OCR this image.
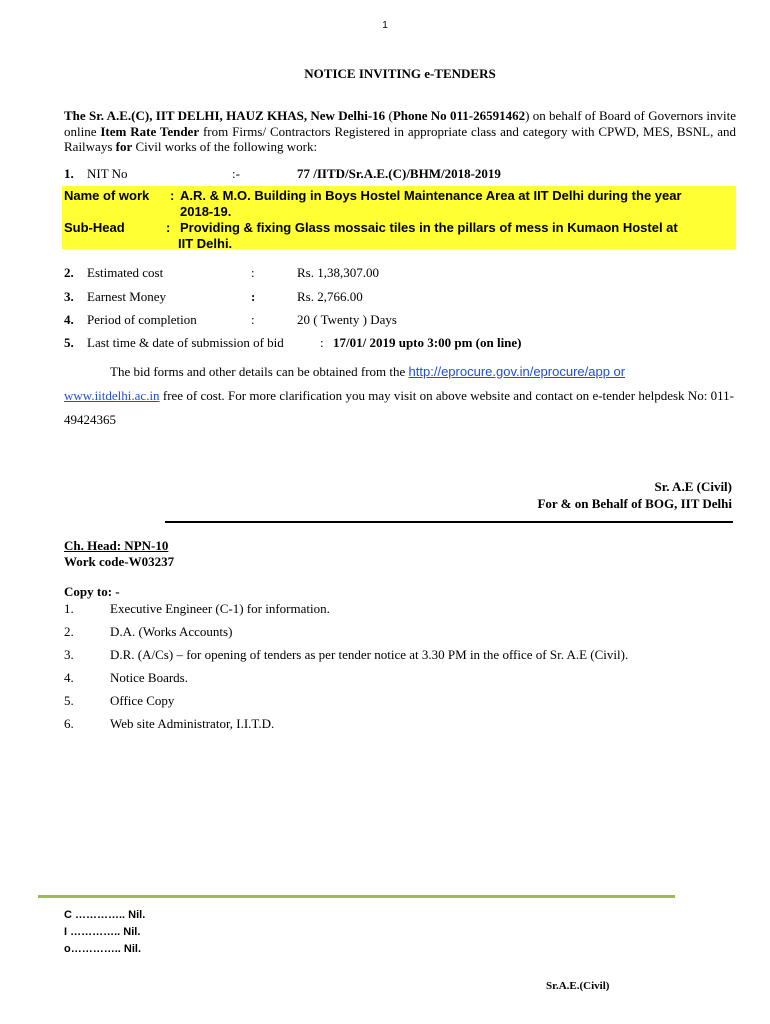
1
NOTICE INVITING e-TENDERS
The Sr. A.E.(C), IIT DELHI, HAUZ KHAS, New Delhi-16 (Phone No 011-26591462) on behalf of Board of Governors invite online Item Rate Tender from Firms/ Contractors Registered in appropriate class and category with CPWD, MES, BSNL, and Railways for Civil works of the following work:
1. NIT No	:-	77 /IITD/Sr.A.E.(C)/BHM/2018-2019
Name of work : A.R. & M.O. Building in Boys Hostel Maintenance Area at IIT Delhi during the year
2018-19.
Sub-Head	: Providing & fixing Glass mossaic tiles in the pillars of mess in Kumaon Hostel at
IIT Delhi.
2. Estimated cost	:	Rs. 1,38,307.00
3. Earnest Money	:	Rs. 2,766.00
4. Period of completion	:	20 ( Twenty ) Days
5. Last time & date of submission of bid	: 17/01/ 2019 upto 3:00 pm (on line)
The bid forms and other details can be obtained from the http://eprocure.gov.in/eprocure/app or
www.iitdelhi.ac.in free of cost. For more clarification you may visit on above website and contact on e-tender helpdesk No: 011-49424365
Sr. A.E (Civil)
For & on Behalf of BOG, IIT Delhi
Ch. Head: NPN-10
Work code-W03237
Copy to: -
1.	Executive Engineer (C-1) for information.
2.	D.A. (Works Accounts)
3.	D.R. (A/Cs) – for opening of tenders as per tender notice at 3.30 PM in the office of Sr. A.E (Civil).
4.	Notice Boards.
5.	Office Copy
6.	Web site Administrator, I.I.T.D.
C ………….. Nil.
I ………….. Nil.
o………….. Nil.
Sr.A.E.(Civil)
